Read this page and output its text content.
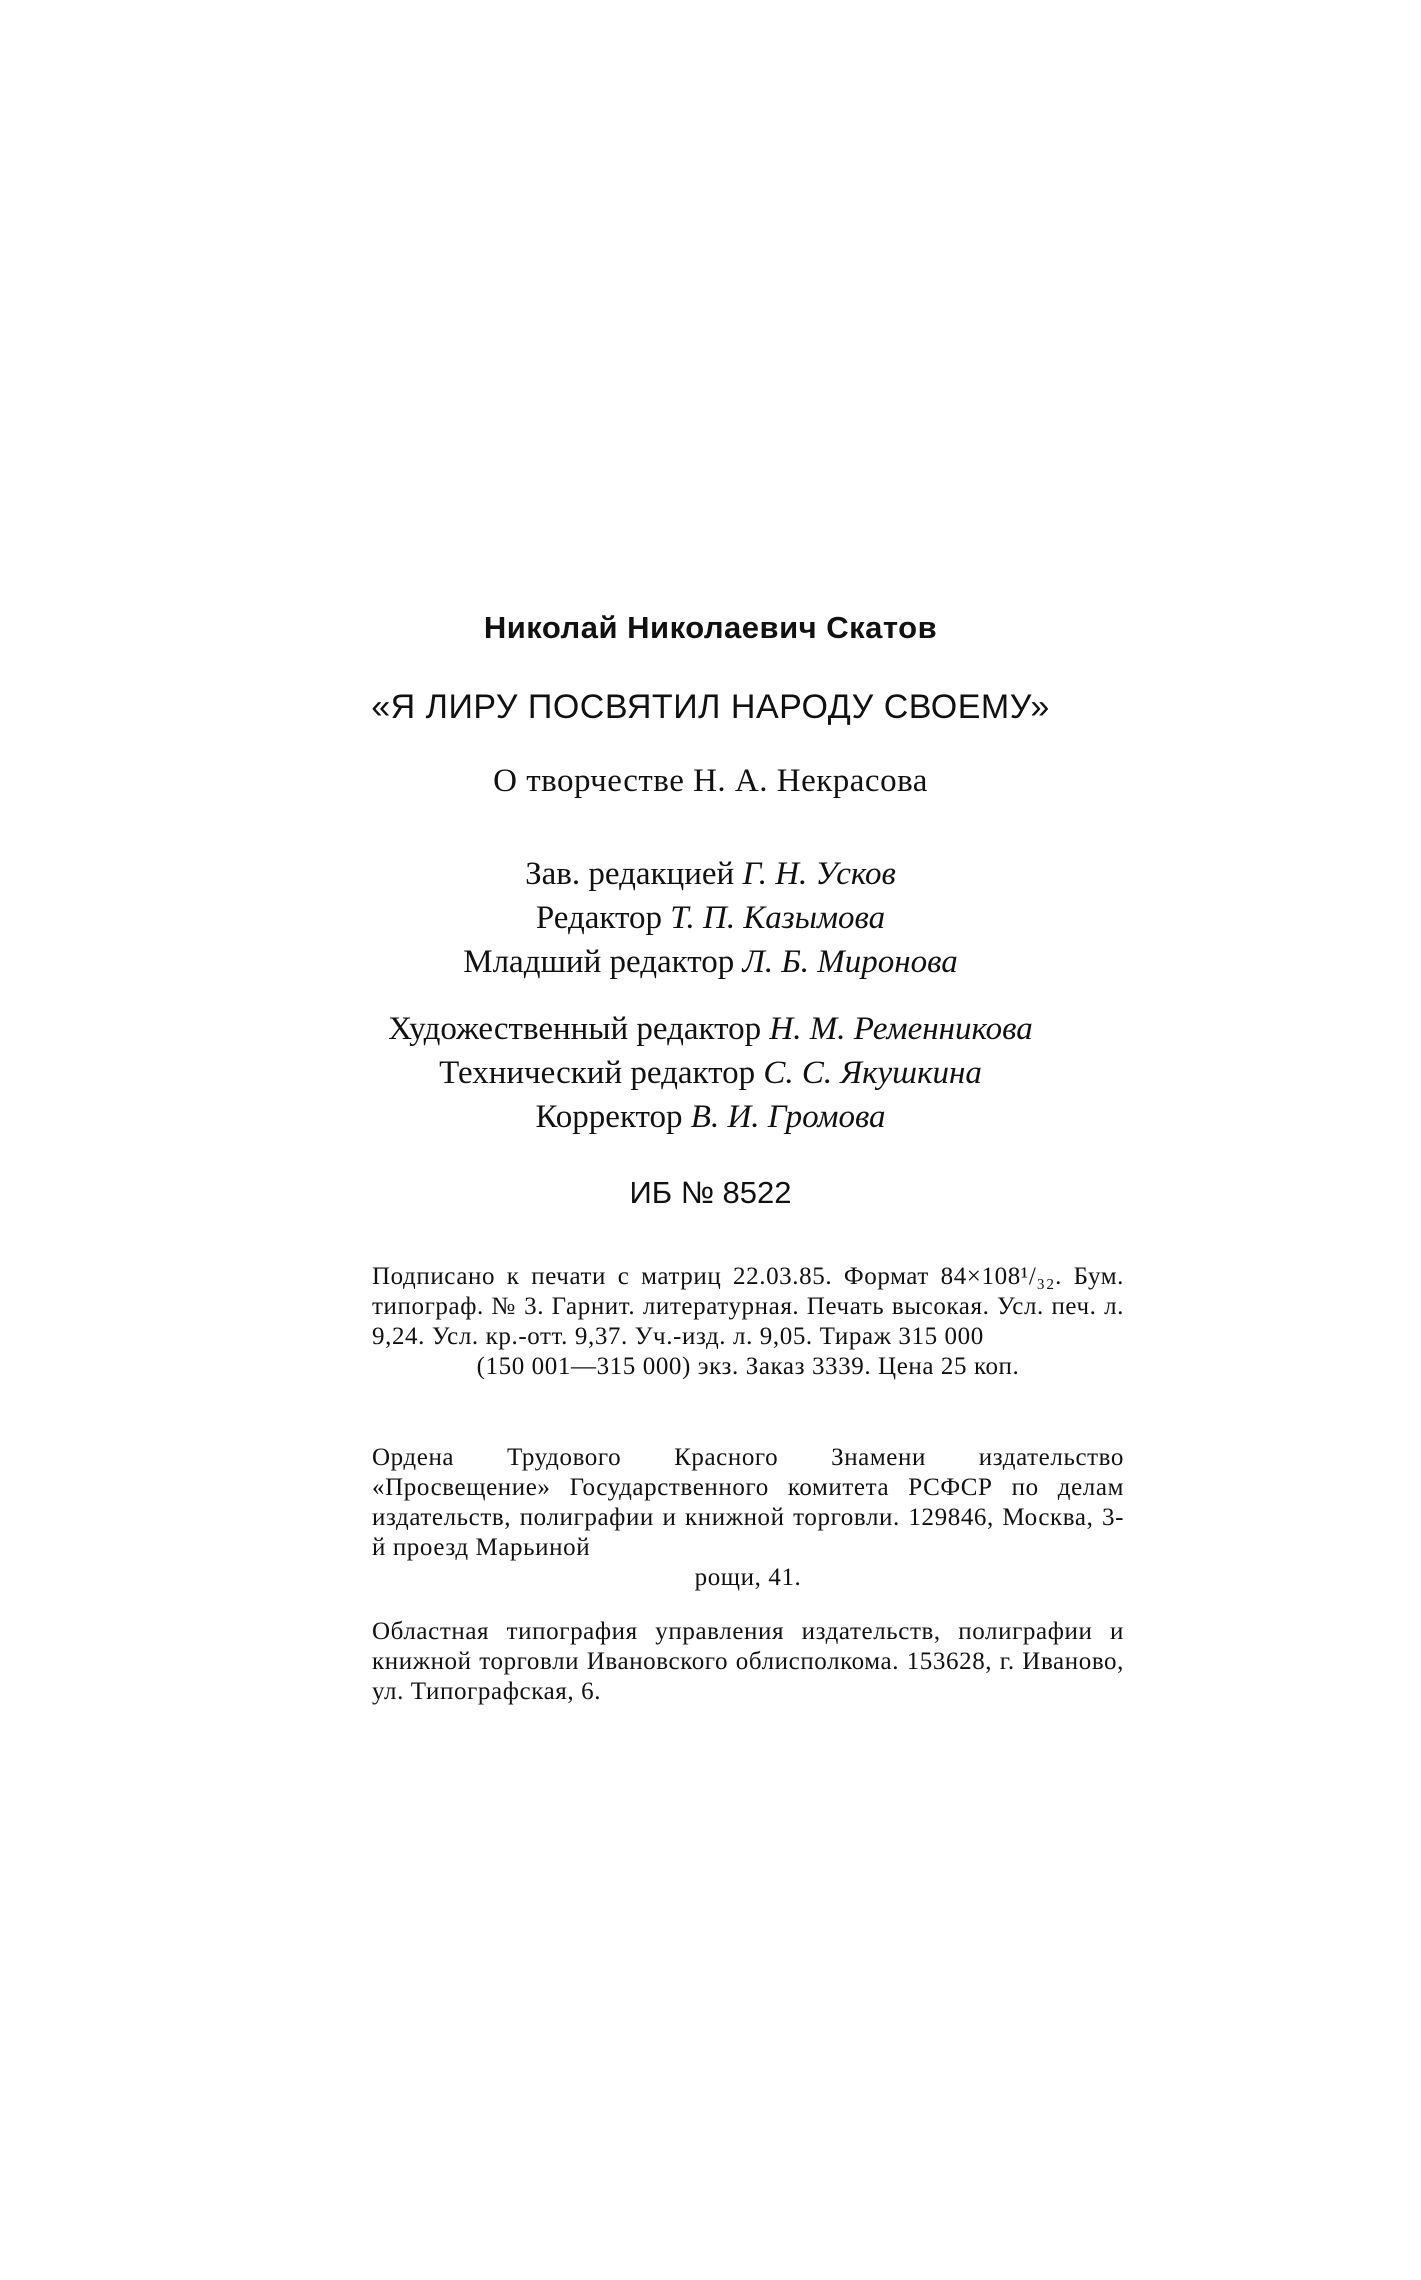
Николай Николаевич Скатов
«Я ЛИРУ ПОСВЯТИЛ НАРОДУ СВОЕМУ»
О творчестве Н. А. Некрасова
Зав. редакцией Г. Н. Усков
Редактор Т. П. Казымова
Младший редактор Л. Б. Миронова
Художественный редактор Н. М. Ременникова
Технический редактор С. С. Якушкина
Корректор В. И. Громова
ИБ № 8522
Подписано к печати с матриц 22.03.85. Формат 84×108¹/₃₂. Бум. типограф. № 3. Гарнит. литературная. Печать высокая. Усл. печ. л. 9,24. Усл. кр.-отт. 9,37. Уч.-изд. л. 9,05. Тираж 315 000
(150 001—315 000) экз. Заказ 3339. Цена 25 коп.
Ордена Трудового Красного Знамени издательство «Просвещение» Государственного комитета РСФСР по делам издательств, полиграфии и книжной торговли. 129846, Москва, 3-й проезд Марьиной
рощи, 41.
Областная типография управления издательств, полиграфии и книжной торговли Ивановского облисполкома. 153628, г. Иваново, ул. Типографская, 6.
